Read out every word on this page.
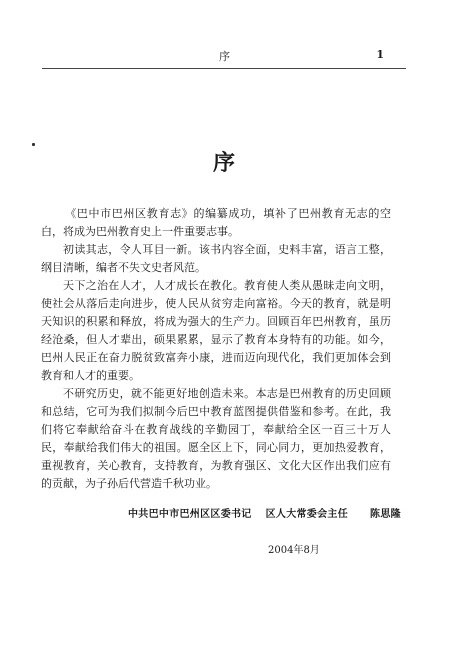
序	1
序

《巴中市巴州区教育志》的编纂成功，填补了巴州教育无志的空白，将成为巴州教育史上一件重要志事。

初读其志，令人耳目一新。该书内容全面，史料丰富，语言工整，纲目清晰，编者不失文史者风范。

天下之治在人才，人才成长在教化。教育使人类从愚昧走向文明，使社会从落后走向进步，使人民从贫穷走向富裕。今天的教育，就是明天知识的积累和释放，将成为强大的生产力。回顾百年巴州教育，虽历经沧桑，但人才辈出，硕果累累，显示了教育本身特有的功能。如今，巴州人民正在奋力脱贫致富奔小康，进而迈向现代化，我们更加体会到教育和人才的重要。

不研究历史，就不能更好地创造未来。本志是巴州教育的历史回顾和总结，它可为我们拟制今后巴中教育蓝图提供借鉴和参考。在此，我们将它奉献给奋斗在教育战线的辛勤园丁，奉献给全区一百三十万人民，奉献给我们伟大的祖国。愿全区上下，同心同力，更加热爱教育，重视教育，关心教育，支持教育，为教育强区、文化大区作出我们应有的贡献，为子孙后代营造千秋功业。

中共巴中市巴州区区委书记 区人大常委会主任 陈思隆
2004年8月
